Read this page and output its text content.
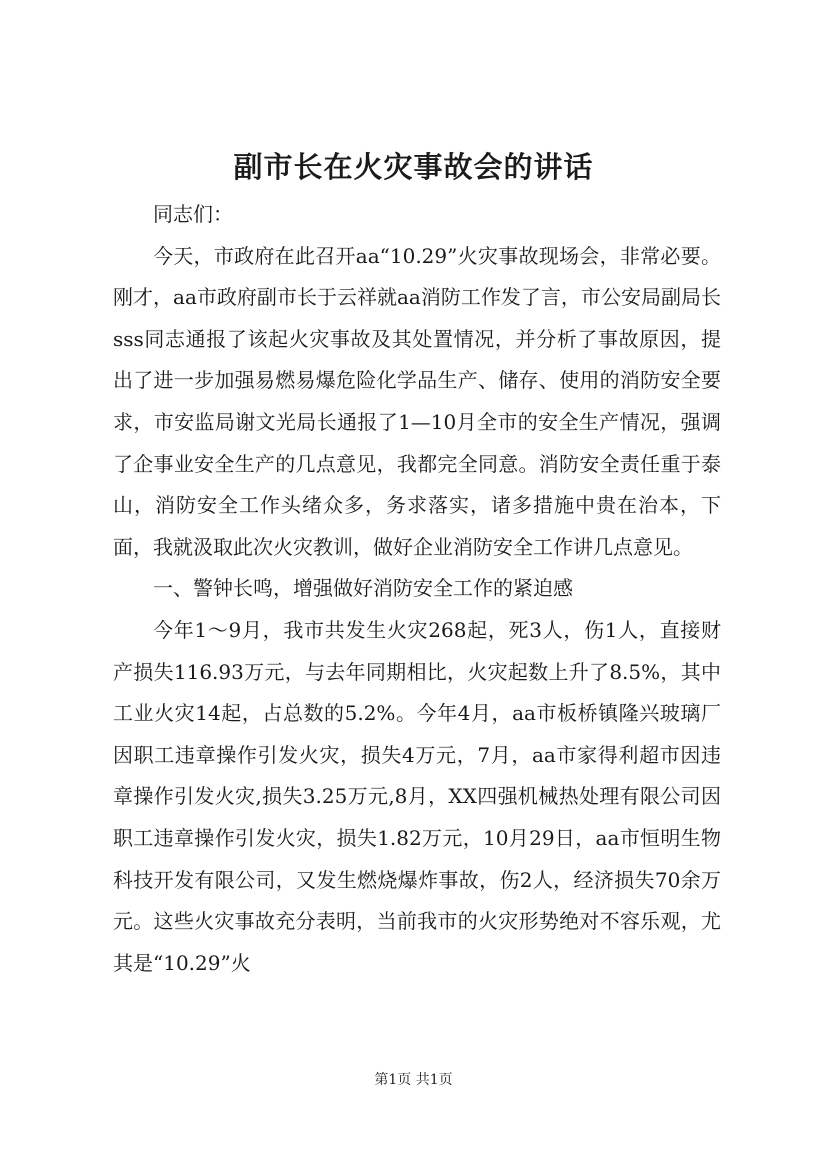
副市长在火灾事故会的讲话

同志们：

今天，市政府在此召开aa“10.29”火灾事故现场会，非常必要。刚才，aa市政府副市长于云祥就aa消防工作发了言，市公安局副局长sss同志通报了该起火灾事故及其处置情况，并分析了事故原因，提出了进一步加强易燃易爆危险化学品生产、储存、使用的消防安全要求，市安监局谢文光局长通报了1—10月全市的安全生产情况，强调了企事业安全生产的几点意见，我都完全同意。消防安全责任重于泰山，消防安全工作头绪众多，务求落实，诸多措施中贵在治本，下面，我就汲取此次火灾教训，做好企业消防安全工作讲几点意见。

一、警钟长鸣，增强做好消防安全工作的紧迫感

今年1～9月，我市共发生火灾268起，死3人，伤1人，直接财产损失116.93万元，与去年同期相比，火灾起数上升了8.5%，其中工业火灾14起，占总数的5.2%。今年4月，aa市板桥镇隆兴玻璃厂因职工违章操作引发火灾，损失4万元，7月，aa市家得利超市因违章操作引发火灾,损失3.25万元,8月，XX四强机械热处理有限公司因职工违章操作引发火灾，损失1.82万元，10月29日，aa市恒明生物科技开发有限公司，又发生燃烧爆炸事故，伤2人，经济损失70余万元。这些火灾事故充分表明，当前我市的火灾形势绝对不容乐观，尤其是“10.29”火

第1页 共1页
